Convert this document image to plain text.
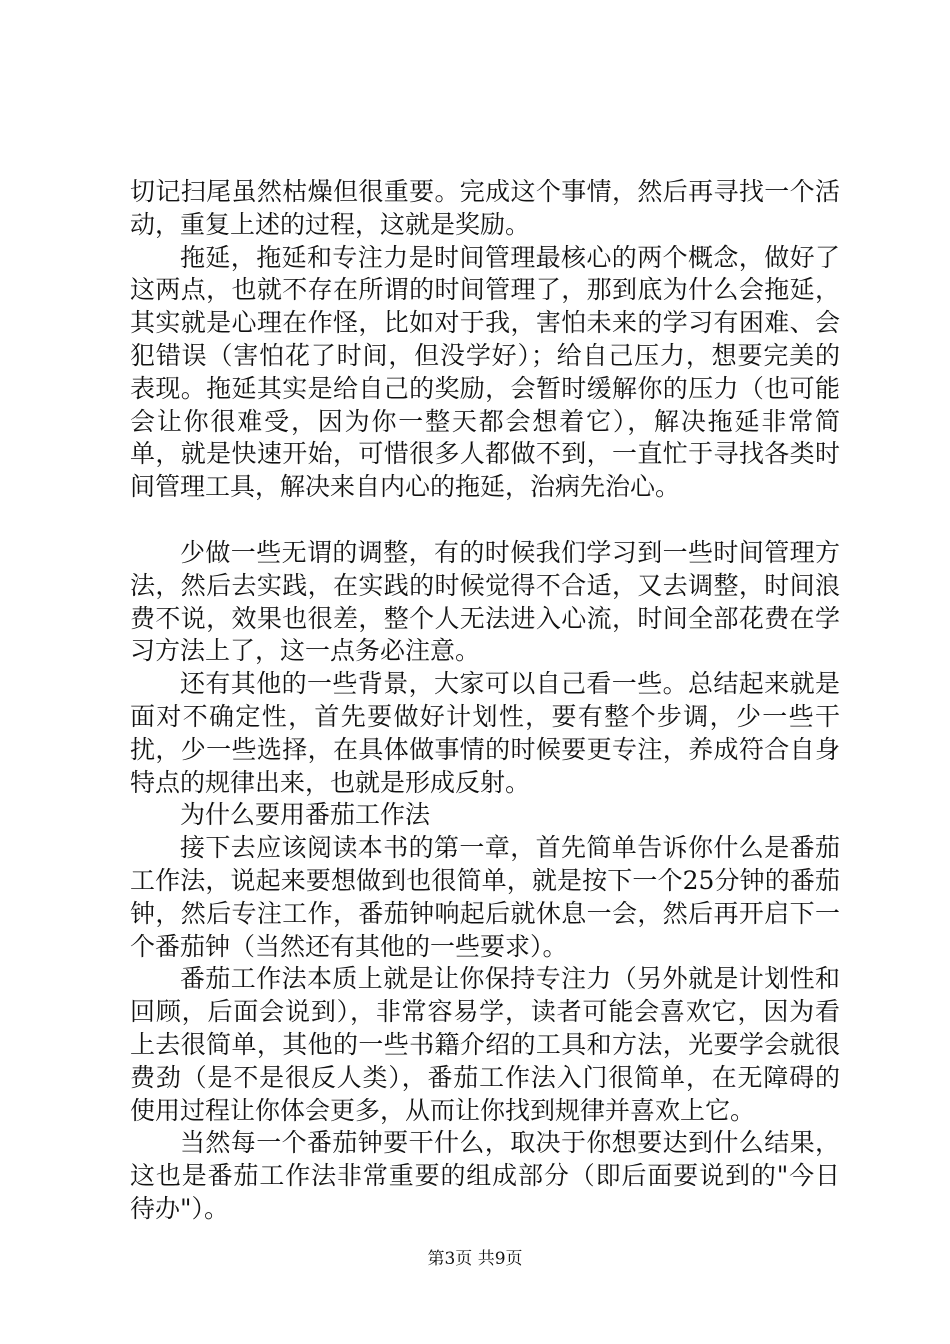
切记扫尾虽然枯燥但很重要。完成这个事情，然后再寻找一个活动，重复上述的过程，这就是奖励。

拖延，拖延和专注力是时间管理最核心的两个概念，做好了这两点，也就不存在所谓的时间管理了，那到底为什么会拖延，其实就是心理在作怪，比如对于我，害怕未来的学习有困难、会犯错误（害怕花了时间，但没学好）；给自己压力，想要完美的表现。拖延其实是给自己的奖励，会暂时缓解你的压力（也可能会让你很难受，因为你一整天都会想着它），解决拖延非常简单，就是快速开始，可惜很多人都做不到，一直忙于寻找各类时间管理工具，解决来自内心的拖延，治病先治心。

少做一些无谓的调整，有的时候我们学习到一些时间管理方法，然后去实践，在实践的时候觉得不合适，又去调整，时间浪费不说，效果也很差，整个人无法进入心流，时间全部花费在学习方法上了，这一点务必注意。

还有其他的一些背景，大家可以自己看一些。总结起来就是面对不确定性，首先要做好计划性，要有整个步调，少一些干扰，少一些选择，在具体做事情的时候要更专注，养成符合自身特点的规律出来，也就是形成反射。

为什么要用番茄工作法

接下去应该阅读本书的第一章，首先简单告诉你什么是番茄工作法，说起来要想做到也很简单，就是按下一个25分钟的番茄钟，然后专注工作，番茄钟响起后就休息一会，然后再开启下一个番茄钟（当然还有其他的一些要求）。

番茄工作法本质上就是让你保持专注力（另外就是计划性和回顾，后面会说到），非常容易学，读者可能会喜欢它，因为看上去很简单，其他的一些书籍介绍的工具和方法，光要学会就很费劲（是不是很反人类），番茄工作法入门很简单，在无障碍的使用过程让你体会更多，从而让你找到规律并喜欢上它。

当然每一个番茄钟要干什么，取决于你想要达到什么结果，这也是番茄工作法非常重要的组成部分（即后面要说到的"今日待办"）。

第3页 共9页
